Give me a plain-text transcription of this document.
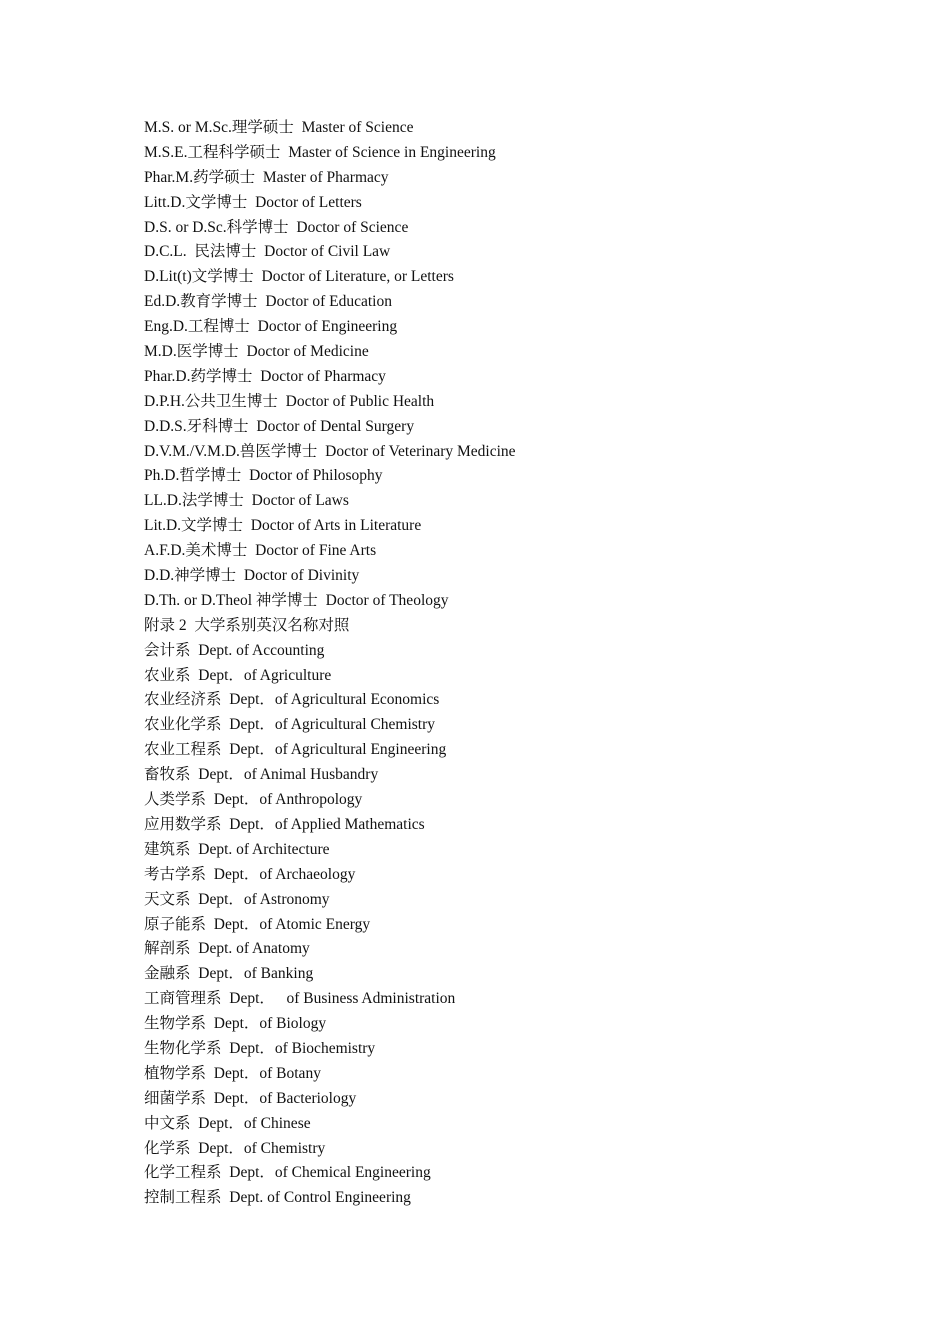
M.S. or M.Sc.理学硕士  Master of Science
M.S.E.工程科学硕士  Master of Science in Engineering
Phar.M.药学硕士  Master of Pharmacy
Litt.D.文学博士  Doctor of Letters
D.S. or D.Sc.科学博士  Doctor of Science
D.C.L.  民法博士  Doctor of Civil Law
D.Lit(t)文学博士  Doctor of Literature, or Letters
Ed.D.教育学博士  Doctor of Education
Eng.D.工程博士  Doctor of Engineering
M.D.医学博士  Doctor of Medicine
Phar.D.药学博士  Doctor of Pharmacy
D.P.H.公共卫生博士  Doctor of Public Health
D.D.S.牙科博士  Doctor of Dental Surgery
D.V.M./V.M.D.兽医学博士  Doctor of Veterinary Medicine
Ph.D.哲学博士  Doctor of Philosophy
LL.D.法学博士  Doctor of Laws
Lit.D.文学博士  Doctor of Arts in Literature
A.F.D.美术博士  Doctor of Fine Arts
D.D.神学博士  Doctor of Divinity
D.Th. or D.Theol 神学博士  Doctor of Theology
附录 2  大学系别英汉名称对照
会计系  Dept. of Accounting
农业系  Dept．of Agriculture
农业经济系  Dept．of Agricultural Economics
农业化学系  Dept．of Agricultural Chemistry
农业工程系  Dept．of Agricultural Engineering
畜牧系  Dept．of Animal Husbandry
人类学系  Dept．of Anthropology
应用数学系  Dept．of Applied Mathematics
建筑系  Dept. of Architecture
考古学系  Dept．of Archaeology
天文系  Dept．of Astronomy
原子能系  Dept．of Atomic Energy
解剖系  Dept. of Anatomy
金融系  Dept．of Banking
工商管理系  Dept．   of Business Administration
生物学系  Dept．of Biology
生物化学系  Dept．of Biochemistry
植物学系  Dept．of Botany
细菌学系  Dept．of Bacteriology
中文系  Dept．of Chinese
化学系  Dept．of Chemistry
化学工程系  Dept．of Chemical Engineering
控制工程系  Dept. of Control Engineering
